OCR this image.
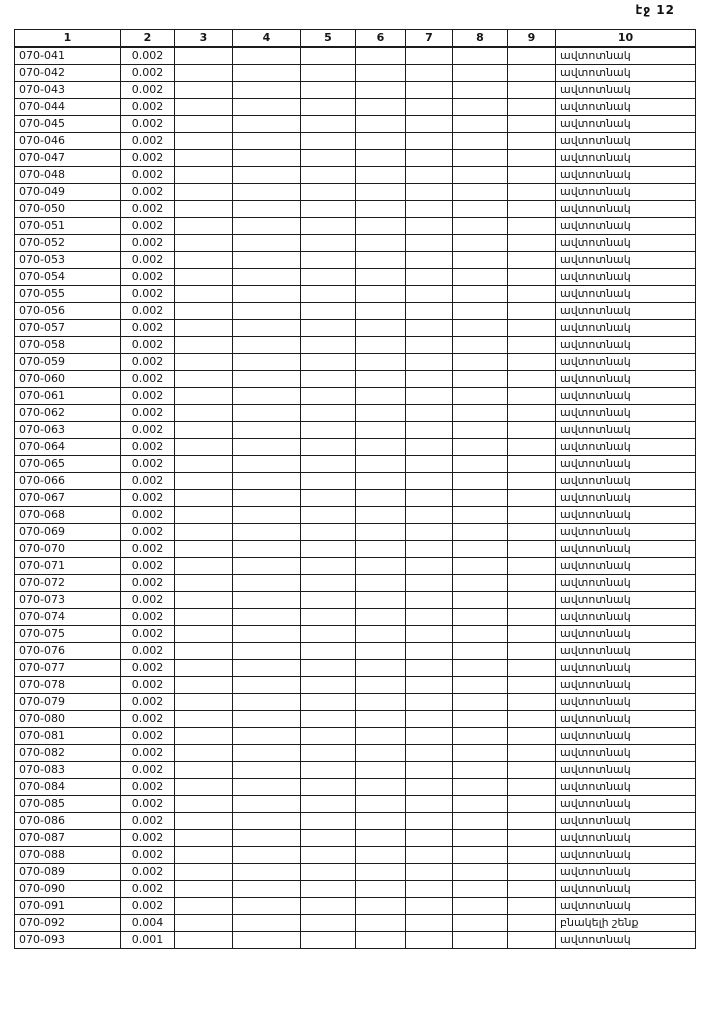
էջ 12
1	2	3	4	5	6	7	8	9	10
070-041	0.002								ավտոտնակ
070-042	0.002								ավտոտնակ
070-043	0.002								ավտոտնակ
070-044	0.002								ավտոտնակ
070-045	0.002								ավտոտնակ
070-046	0.002								ավտոտնակ
070-047	0.002								ավտոտնակ
070-048	0.002								ավտոտնակ
070-049	0.002								ավտոտնակ
070-050	0.002								ավտոտնակ
070-051	0.002								ավտոտնակ
070-052	0.002								ավտոտնակ
070-053	0.002								ավտոտնակ
070-054	0.002								ավտոտնակ
070-055	0.002								ավտոտնակ
070-056	0.002								ավտոտնակ
070-057	0.002								ավտոտնակ
070-058	0.002								ավտոտնակ
070-059	0.002								ավտոտնակ
070-060	0.002								ավտոտնակ
070-061	0.002								ավտոտնակ
070-062	0.002								ավտոտնակ
070-063	0.002								ավտոտնակ
070-064	0.002								ավտոտնակ
070-065	0.002								ավտոտնակ
070-066	0.002								ավտոտնակ
070-067	0.002								ավտոտնակ
070-068	0.002								ավտոտնակ
070-069	0.002								ավտոտնակ
070-070	0.002								ավտոտնակ
070-071	0.002								ավտոտնակ
070-072	0.002								ավտոտնակ
070-073	0.002								ավտոտնակ
070-074	0.002								ավտոտնակ
070-075	0.002								ավտոտնակ
070-076	0.002								ավտոտնակ
070-077	0.002								ավտոտնակ
070-078	0.002								ավտոտնակ
070-079	0.002								ավտոտնակ
070-080	0.002								ավտոտնակ
070-081	0.002								ավտոտնակ
070-082	0.002								ավտոտնակ
070-083	0.002								ավտոտնակ
070-084	0.002								ավտոտնակ
070-085	0.002								ավտոտնակ
070-086	0.002								ավտոտնակ
070-087	0.002								ավտոտնակ
070-088	0.002								ավտոտնակ
070-089	0.002								ավտոտնակ
070-090	0.002								ավտոտնակ
070-091	0.002								ավտոտնակ
070-092	0.004								բնակելի շենք
070-093	0.001								ավտոտնակ
